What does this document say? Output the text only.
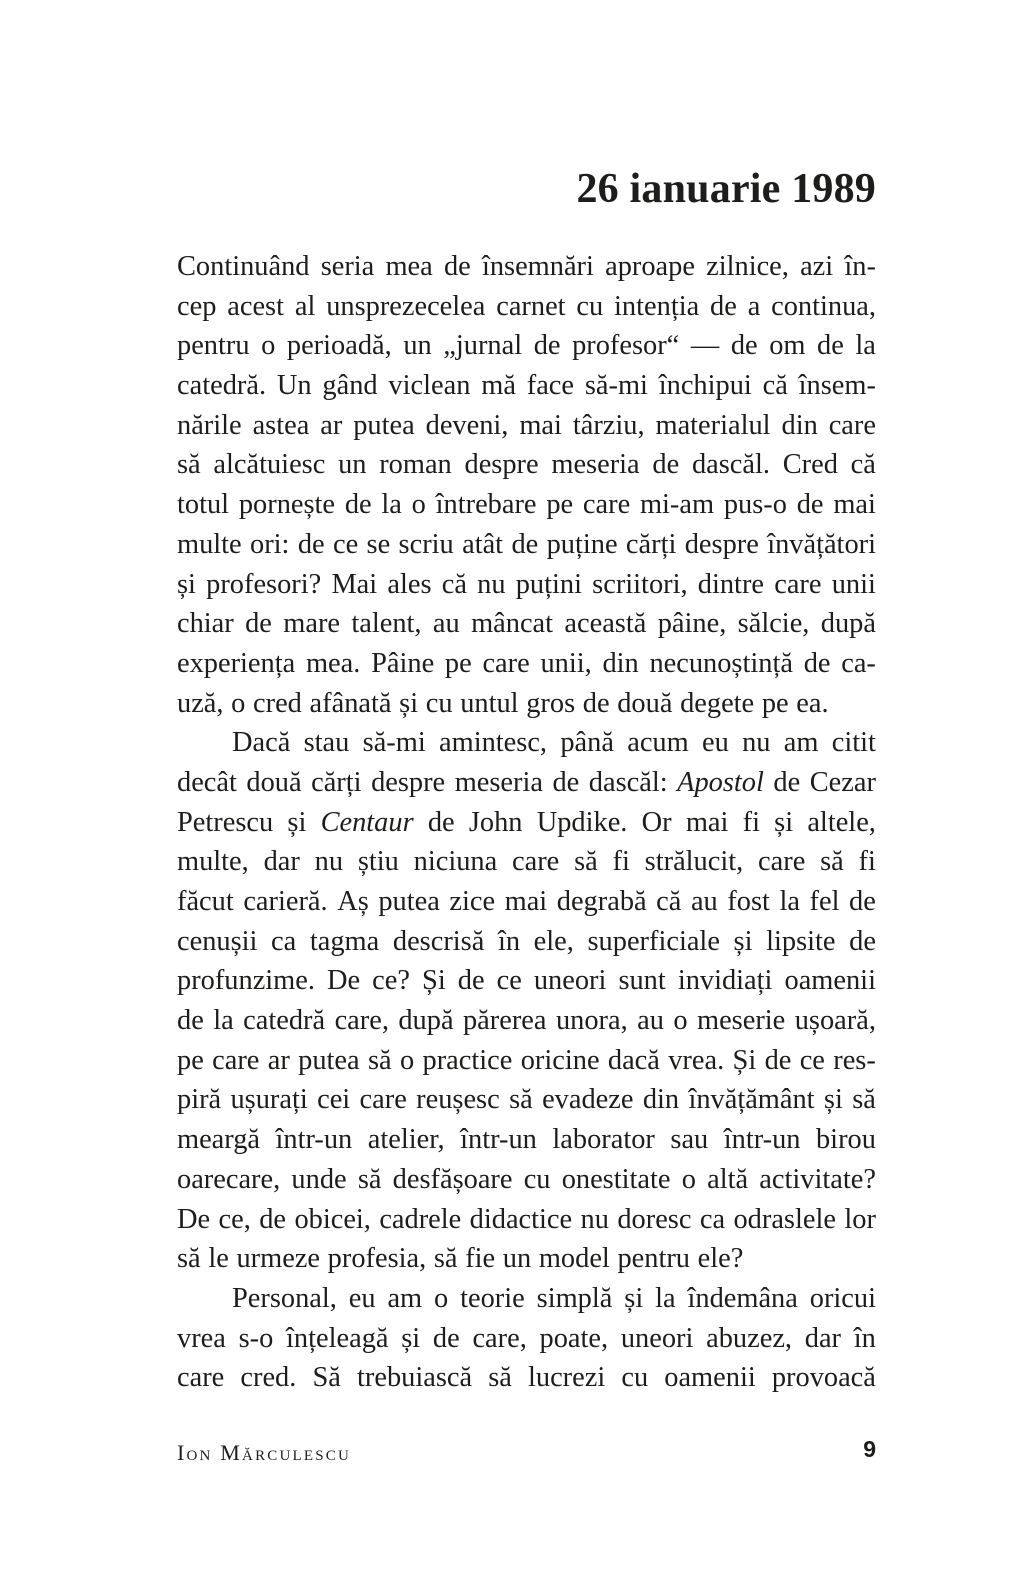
26 ianuarie 1989
Continuând seria mea de însemnări aproape zilnice, azi în-
cep acest al unsprezecelea carnet cu intenția de a continua,
pentru o perioadă, un „jurnal de profesor“ — de om de la
catedră. Un gând viclean mă face să-mi închipui că însem-
nările astea ar putea deveni, mai târziu, materialul din care
să alcătuiesc un roman despre meseria de dascăl. Cred că
totul pornește de la o întrebare pe care mi-am pus-o de mai
multe ori: de ce se scriu atât de puține cărți despre învățători
și profesori? Mai ales că nu puțini scriitori, dintre care unii
chiar de mare talent, au mâncat această pâine, sălcie, după
experiența mea. Pâine pe care unii, din necunoștință de ca-
uză, o cred afânată și cu untul gros de două degete pe ea.
Dacă stau să-mi amintesc, până acum eu nu am citit
decât două cărți despre meseria de dascăl: Apostol de Cezar
Petrescu și Centaur de John Updike. Or mai fi și altele,
multe, dar nu știu niciuna care să fi strălucit, care să fi
făcut carieră. Aș putea zice mai degrabă că au fost la fel de
cenușii ca tagma descrisă în ele, superficiale și lipsite de
profunzime. De ce? Și de ce uneori sunt invidiați oamenii
de la catedră care, după părerea unora, au o meserie ușoară,
pe care ar putea să o practice oricine dacă vrea. Și de ce res-
piră ușurați cei care reușesc să evadeze din învățământ și să
meargă într-un atelier, într-un laborator sau într-un birou
oarecare, unde să desfășoare cu onestitate o altă activitate?
De ce, de obicei, cadrele didactice nu doresc ca odraslele lor
să le urmeze profesia, să fie un model pentru ele?
Personal, eu am o teorie simplă și la îndemâna oricui
vrea s-o înțeleagă și de care, poate, uneori abuzez, dar în
care cred. Să trebuiască să lucrezi cu oamenii provoacă
Ion Mărculescu	9
